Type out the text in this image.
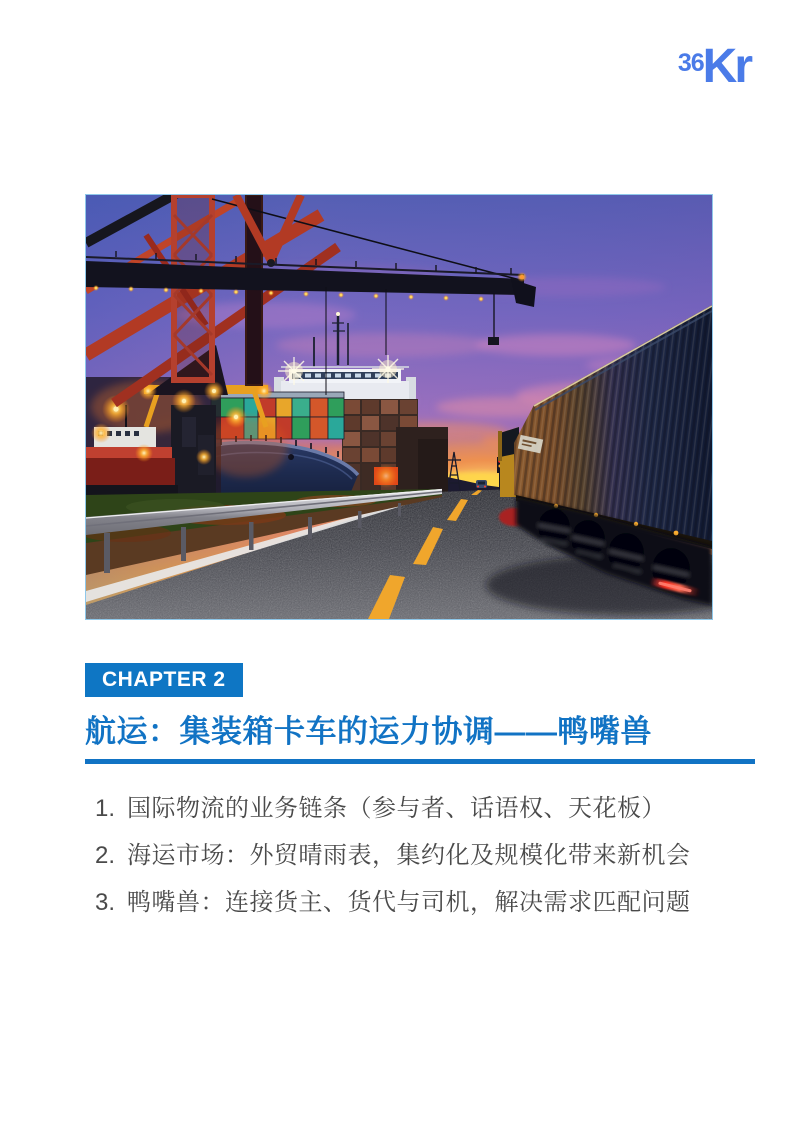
36 Kr
CHAPTER 2
航运：集装箱卡车的运力协调——鸭嘴兽
1. 国际物流的业务链条（参与者、话语权、天花板）
2. 海运市场：外贸晴雨表，集约化及规模化带来新机会
3. 鸭嘴兽：连接货主、货代与司机，解决需求匹配问题
